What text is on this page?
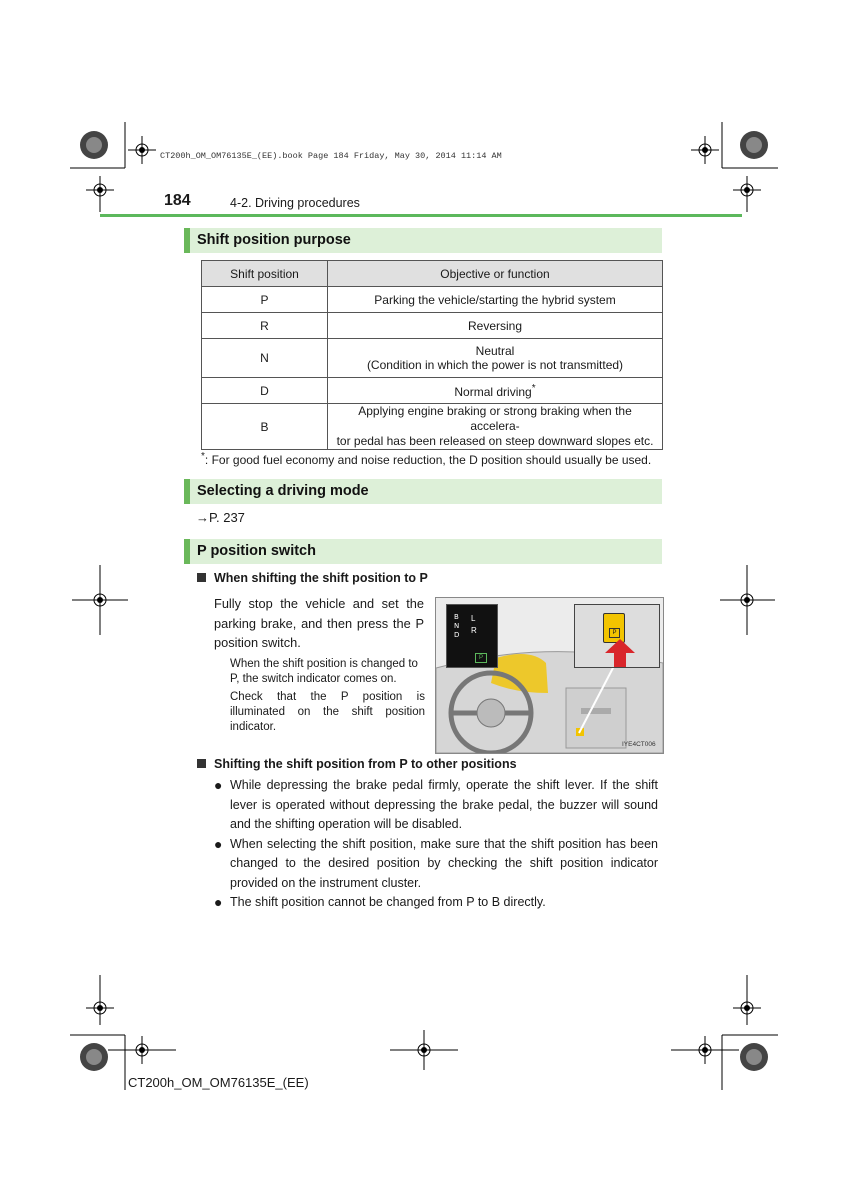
CT200h_OM_OM76135E_(EE).book Page 184 Friday, May 30, 2014 11:14 AM
184	4-2. Driving procedures
Shift position purpose
Shift position	Objective or function
P	Parking the vehicle/starting the hybrid system
R	Reversing
N	Neutral
(Condition in which the power is not transmitted)

D	Normal driving*
B	Applying engine braking or strong braking when the accelera-
tor pedal has been released on steep downward slopes etc.
*: For good fuel economy and noise reduction, the D position should usually be used.
Selecting a driving mode
→P. 237
P position switch
When shifting the shift position to P
Fully stop the vehicle and set the parking brake, and then press the P position switch.
When the shift position is changed to P, the switch indicator comes on.
Check that the P position is illuminated on the shift position indicator.
B
N
D
L
R
P
P
IYE4CT006
Shifting the shift position from P to other positions
● While depressing the brake pedal firmly, operate the shift lever. If the shift lever is operated without depressing the brake pedal, the buzzer will sound and the shifting operation will be disabled.
● When selecting the shift position, make sure that the shift position has been changed to the desired position by checking the shift position indicator provided on the instrument cluster.
● The shift position cannot be changed from P to B directly.
CT200h_OM_OM76135E_(EE)
